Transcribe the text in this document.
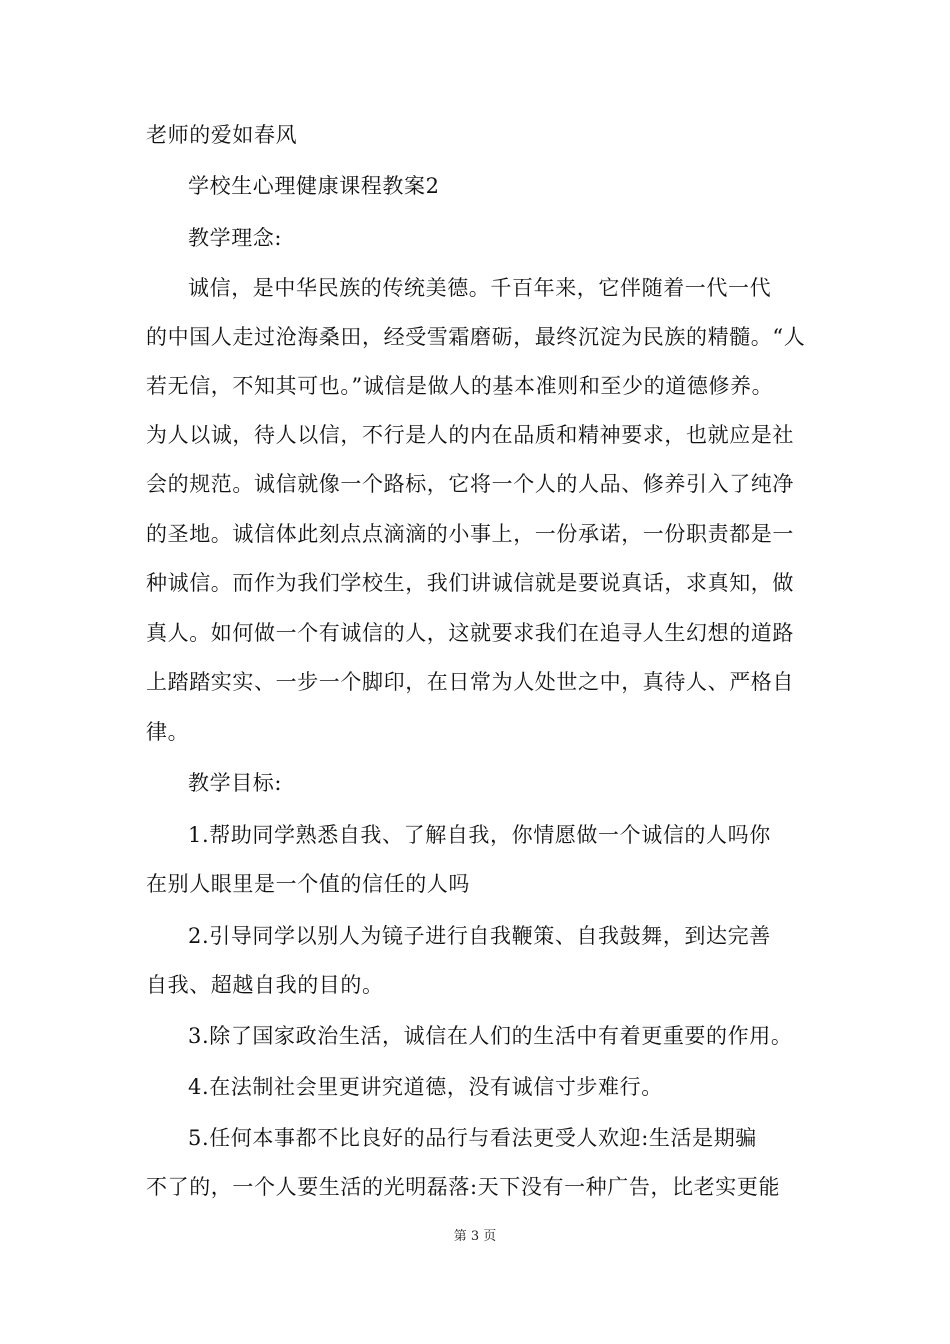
老师的爱如春风
学校生心理健康课程教案2
教学理念:
诚信，是中华民族的传统美德。千百年来，它伴随着一代一代
的中国人走过沧海桑田，经受雪霜磨砺，最终沉淀为民族的精髓。“人
若无信，不知其可也。”诚信是做人的基本准则和至少的道德修养。
为人以诚，待人以信，不行是人的内在品质和精神要求，也就应是社
会的规范。诚信就像一个路标，它将一个人的人品、修养引入了纯净
的圣地。诚信体此刻点点滴滴的小事上，一份承诺，一份职责都是一
种诚信。而作为我们学校生，我们讲诚信就是要说真话，求真知，做
真人。如何做一个有诚信的人，这就要求我们在追寻人生幻想的道路
上踏踏实实、一步一个脚印，在日常为人处世之中，真待人、严格自
律。
教学目标:
1.帮助同学熟悉自我、了解自我，你情愿做一个诚信的人吗你
在别人眼里是一个值的信任的人吗
2.引导同学以别人为镜子进行自我鞭策、自我鼓舞，到达完善
自我、超越自我的目的。
3.除了国家政治生活，诚信在人们的生活中有着更重要的作用。
4.在法制社会里更讲究道德，没有诚信寸步难行。
5.任何本事都不比良好的品行与看法更受人欢迎:生活是期骗
不了的，一个人要生活的光明磊落:天下没有一种广告，比老实更能
第 3 页
